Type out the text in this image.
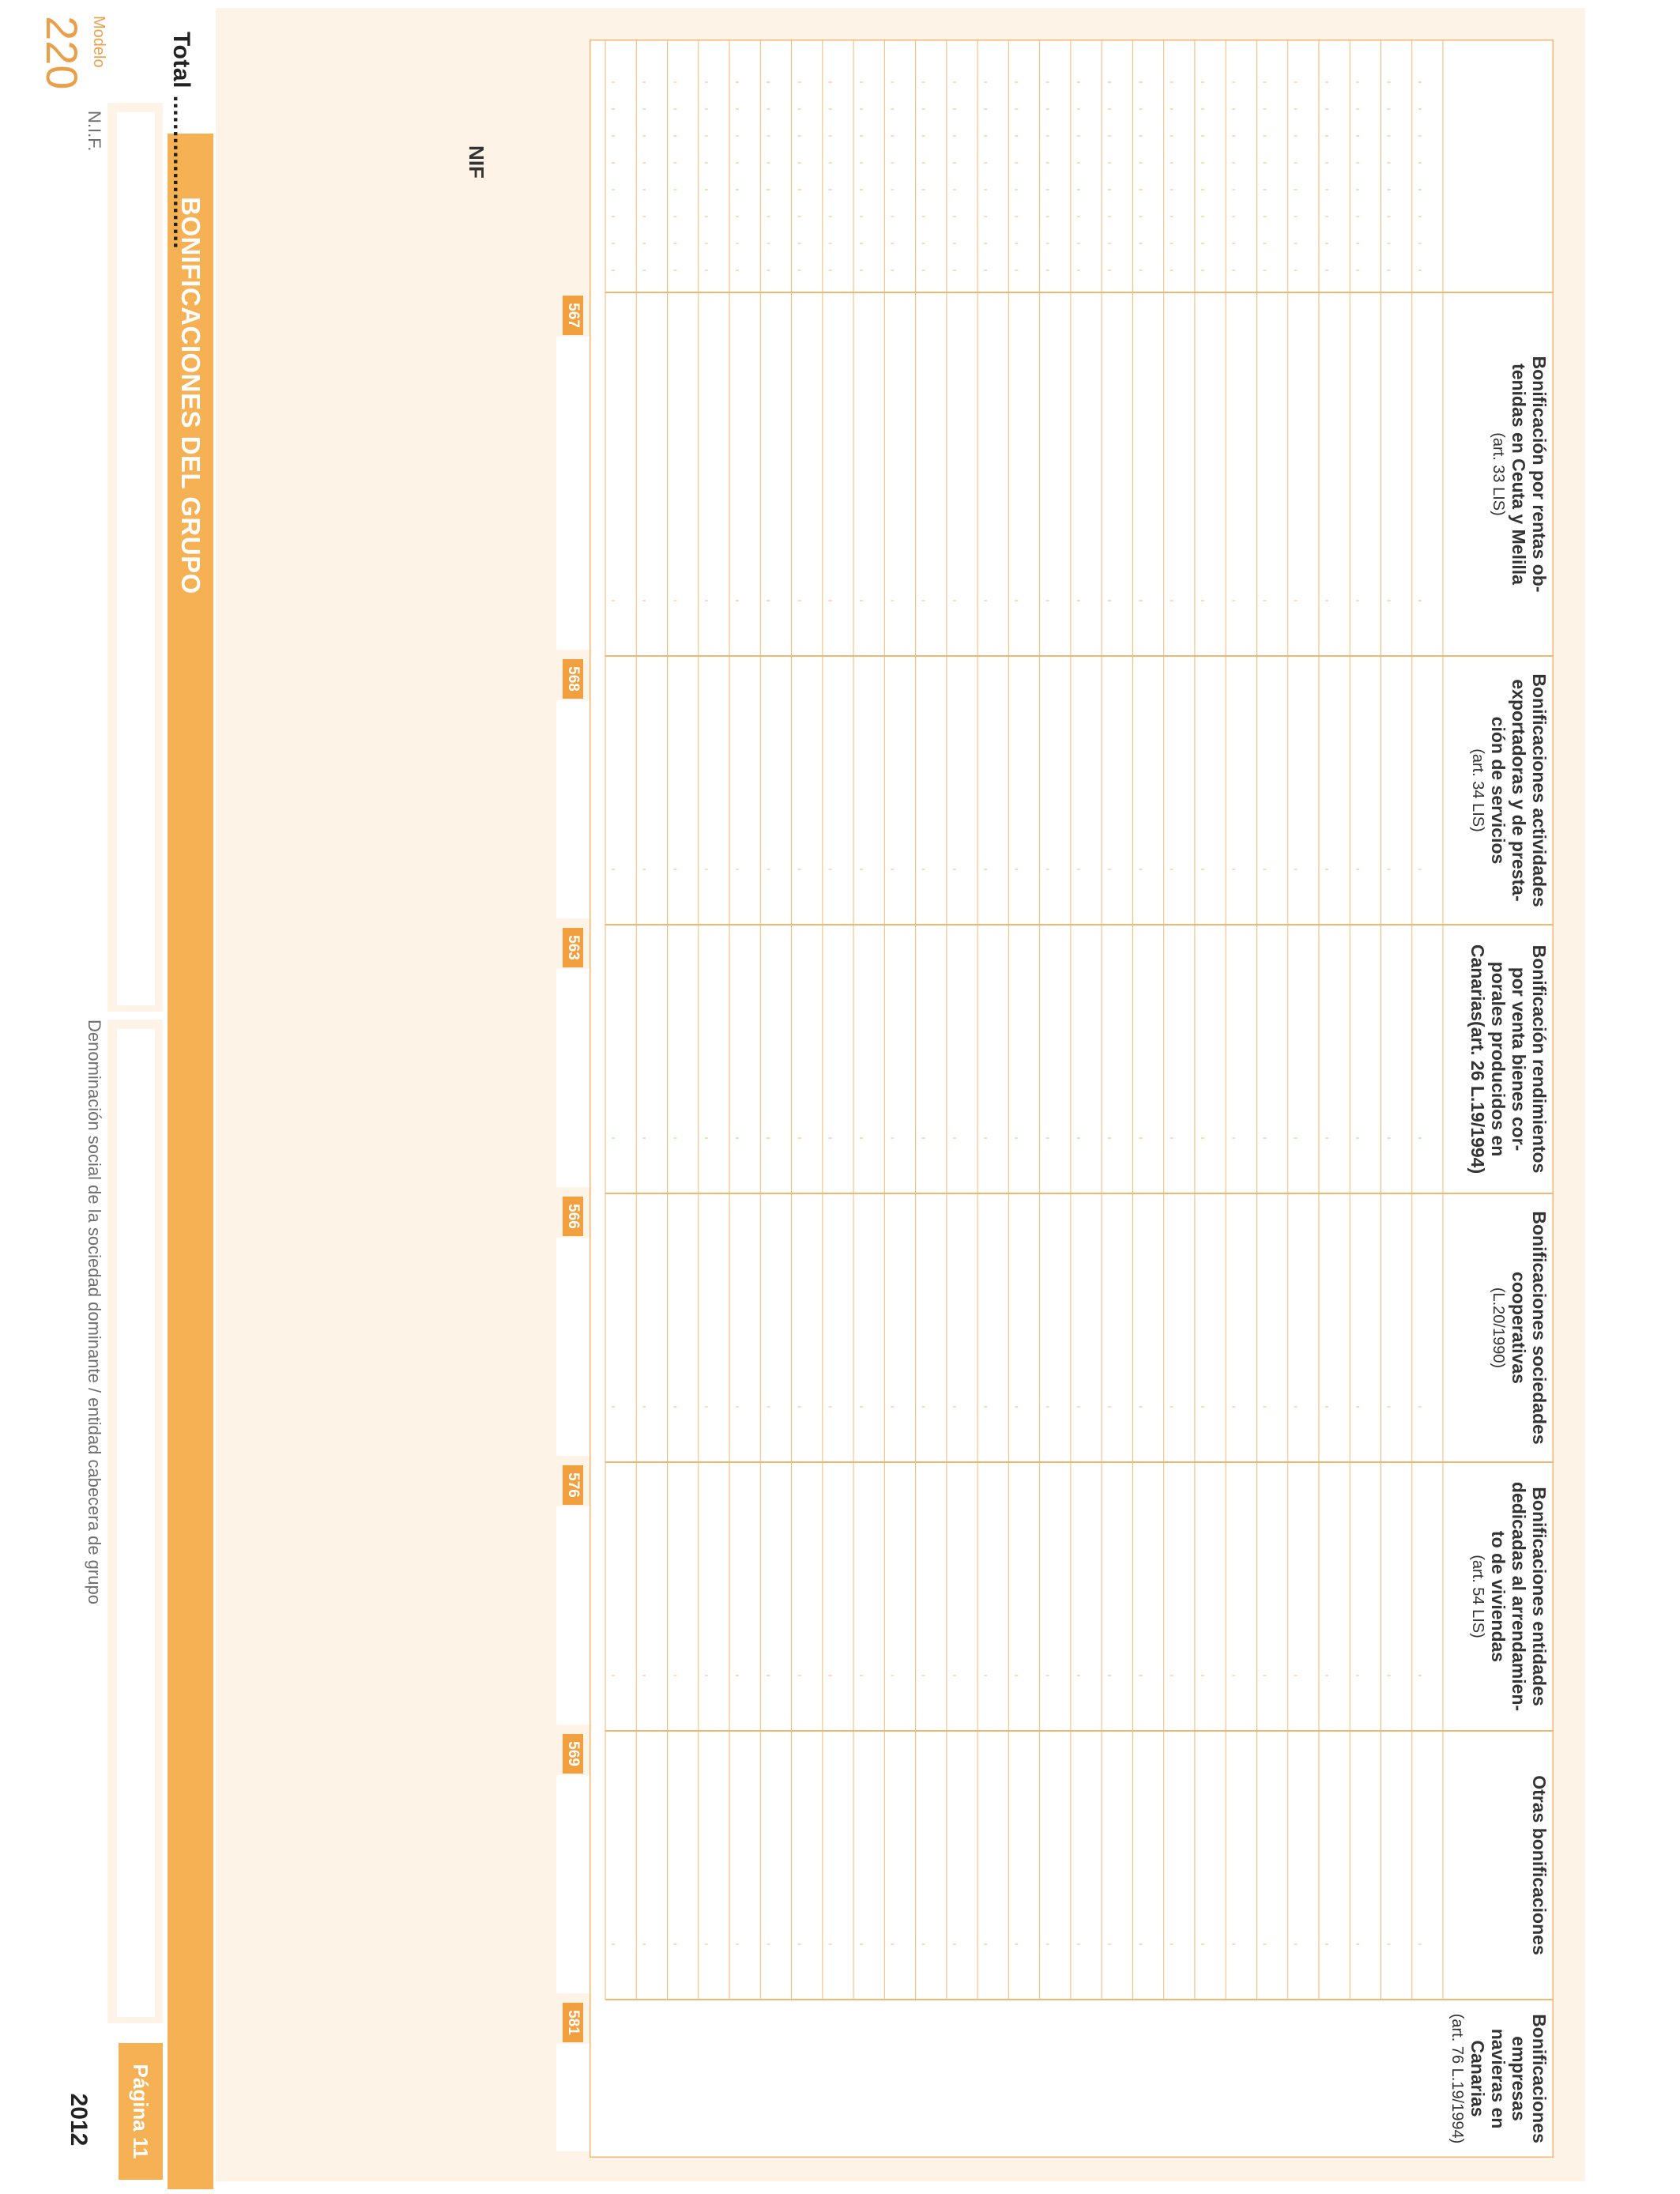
Modelo
220
N.I.F.
Denominación social de la sociedad dominante / entidad cabecera de grupo
2012	Página 11
BONIFICACIONES DEL GRUPO
NIF
Bonificación por rentas ob-
tenidas en Ceuta y Melilla
(art. 33 LIS)
Bonificaciones actividades
exportadoras y de presta-
ción de servicios
(art. 34 LIS)
Bonificación rendimientos
por venta bienes cor-
porales producidos en
Canarias(art. 26 L.19/1994)
Bonificaciones sociedades
cooperativas
(L.20/1990)
Bonificaciones entidades
dedicadas al arrendamien-
to de viviendas
(art. 54 LIS)
Otras bonificaciones
Bonificaciones empresas
navieras en Canarias
(art. 76 L.19/1994)
567
568
563
566
576
569
581
Total ......................
